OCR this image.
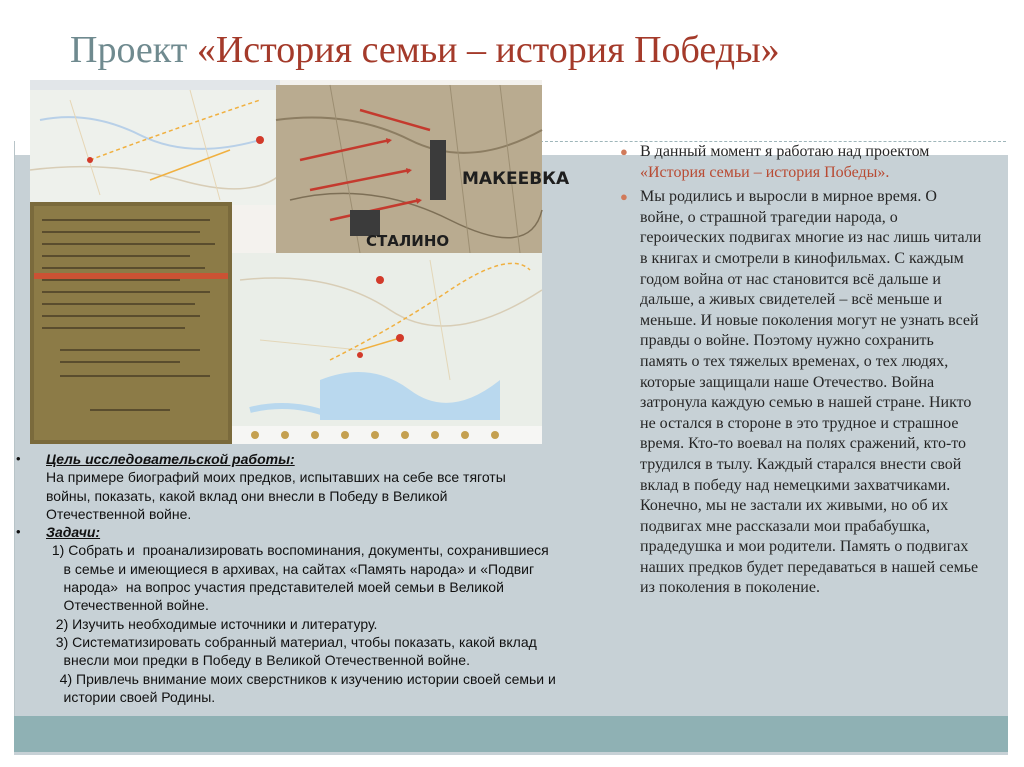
Проект «История семьи – история Победы»
МАКЕЕВКА
СТАЛИНО
•	Цель исследовательской работы:
На примере биографий моих предков, испытавших на себе все тяготы
войны, показать, какой вклад они внесли в Победу в Великой
Отечественной войне.
•	Задачи:
1) Собрать и  проанализировать воспоминания, документы, сохранившиеся
в семье и имеющиеся в архивах, на сайтах «Память народа» и «Подвиг
народа»  на вопрос участия представителей моей семьи в Великой
Отечественной войне.
2) Изучить необходимые источники и литературу.
3) Систематизировать собранный материал, чтобы показать, какой вклад
внесли мои предки в Победу в Великой Отечественной войне.
4) Привлечь внимание моих сверстников к изучению истории своей семьи и
истории своей Родины.
● В данный момент я работаю над проектом «История семьи – история Победы».
● Мы родились и выросли в мирное время. О войне, о страшной трагедии народа, о героических подвигах многие из нас лишь читали в книгах и смотрели в кинофильмах. С каждым годом война от нас становится всё дальше и дальше, а живых свидетелей – всё меньше и меньше. И новые поколения могут не узнать всей правды о войне. Поэтому нужно сохранить память о тех тяжелых временах, о тех людях, которые защищали наше Отечество. Война затронула каждую семью в нашей стране. Никто не остался в стороне в это трудное и страшное время. Кто-то воевал на полях сражений, кто-то трудился в тылу. Каждый старался внести свой вклад в победу над немецкими захватчиками. Конечно, мы не застали их живыми, но об их подвигах мне рассказали мои прабабушка, прадедушка и мои родители. Память о подвигах наших предков будет передаваться в нашей семье из поколения в поколение.
